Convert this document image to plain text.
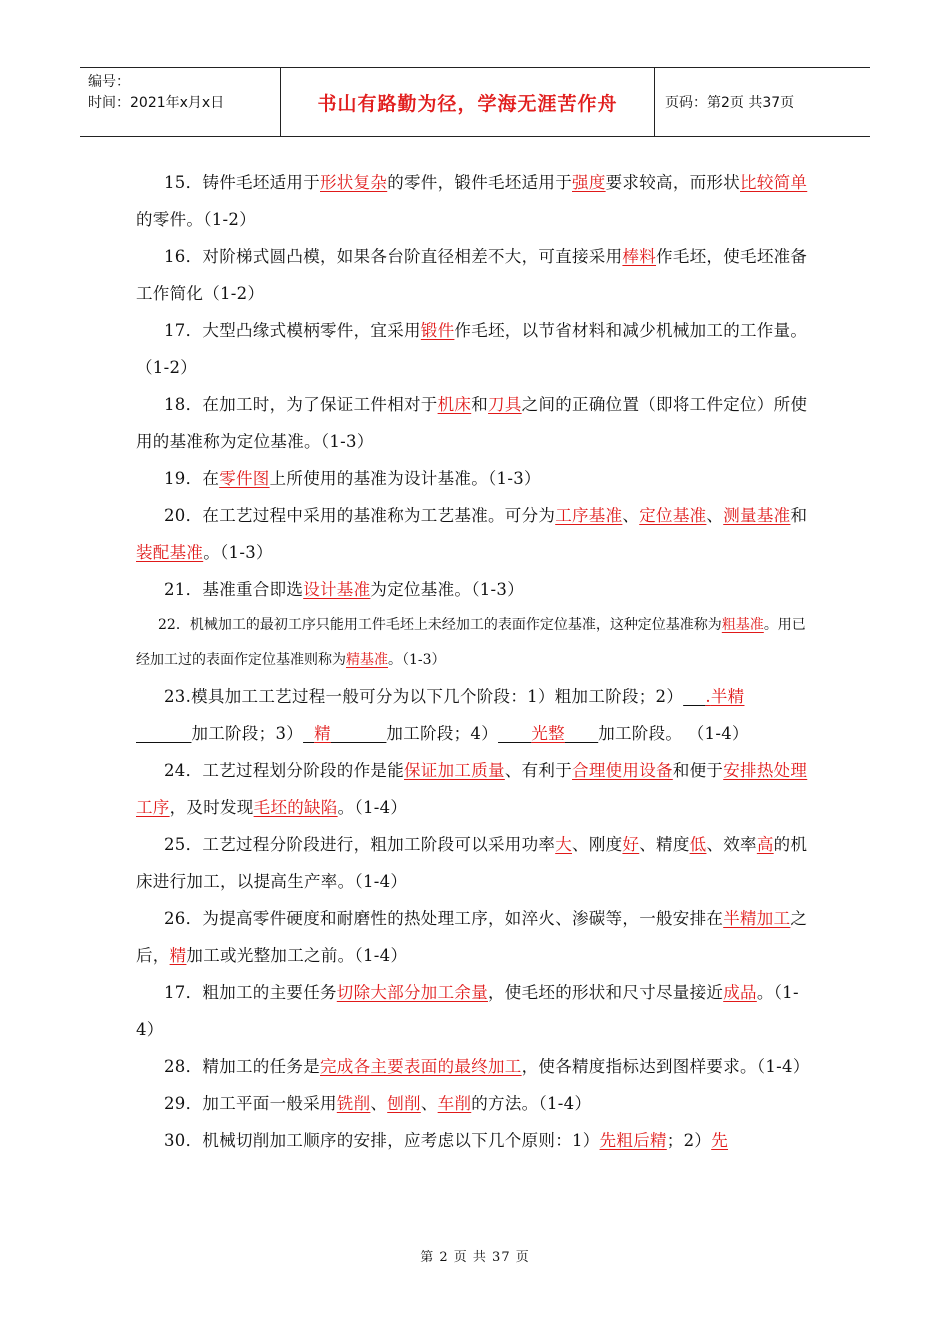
编号：
时间：2021年x月x日	书山有路勤为径，学海无涯苦作舟	页码：第2页 共37页

15．铸件毛坯适用于形状复杂的零件，锻件毛坯适用于强度要求较高，而形状比较简单的零件。（1-2）

16．对阶梯式圆凸模，如果各台阶直径相差不大，可直接采用棒料作毛坯，使毛坯准备工作简化（1-2）

17．大型凸缘式模柄零件，宜采用锻件作毛坯，以节省材料和减少机械加工的工作量。（1-2）

18．在加工时，为了保证工件相对于机床和刀具之间的正确位置（即将工件定位）所使用的基准称为定位基准。（1-3）

19．在零件图上所使用的基准为设计基准。（1-3）

20．在工艺过程中采用的基准称为工艺基准。可分为工序基准、定位基准、测量基准和装配基准。（1-3）

21．基准重合即选设计基准为定位基准。（1-3）

22．机械加工的最初工序只能用工件毛坯上未经加工的表面作定位基准，这种定位基准称为粗基准。用已经加工过的表面作定位基准则称为精基准。（1-3）

23.模具加工工艺过程一般可分为以下几个阶段：1）粗加工阶段；2） .半精          加工阶段；3） 精	加工阶段；4） 光整 加工阶段。 （1-4）

24．工艺过程划分阶段的作是能保证加工质量、有利于合理使用设备和便于安排热处理工序，及时发现毛坯的缺陷。（1-4）

25．工艺过程分阶段进行，粗加工阶段可以采用功率大、刚度好、精度低、效率高的机床进行加工，以提高生产率。（1-4）

26．为提高零件硬度和耐磨性的热处理工序，如淬火、渗碳等，一般安排在半精加工之后，精加工或光整加工之前。（1-4）

17．粗加工的主要任务切除大部分加工余量，使毛坯的形状和尺寸尽量接近成品。（1-4）

28．精加工的任务是完成各主要表面的最终加工，使各精度指标达到图样要求。（1-4）

29．加工平面一般采用铣削、刨削、车削的方法。（1-4）

30．机械切削加工顺序的安排，应考虑以下几个原则：1）先粗后精；2）先

第 2 页 共 37 页
